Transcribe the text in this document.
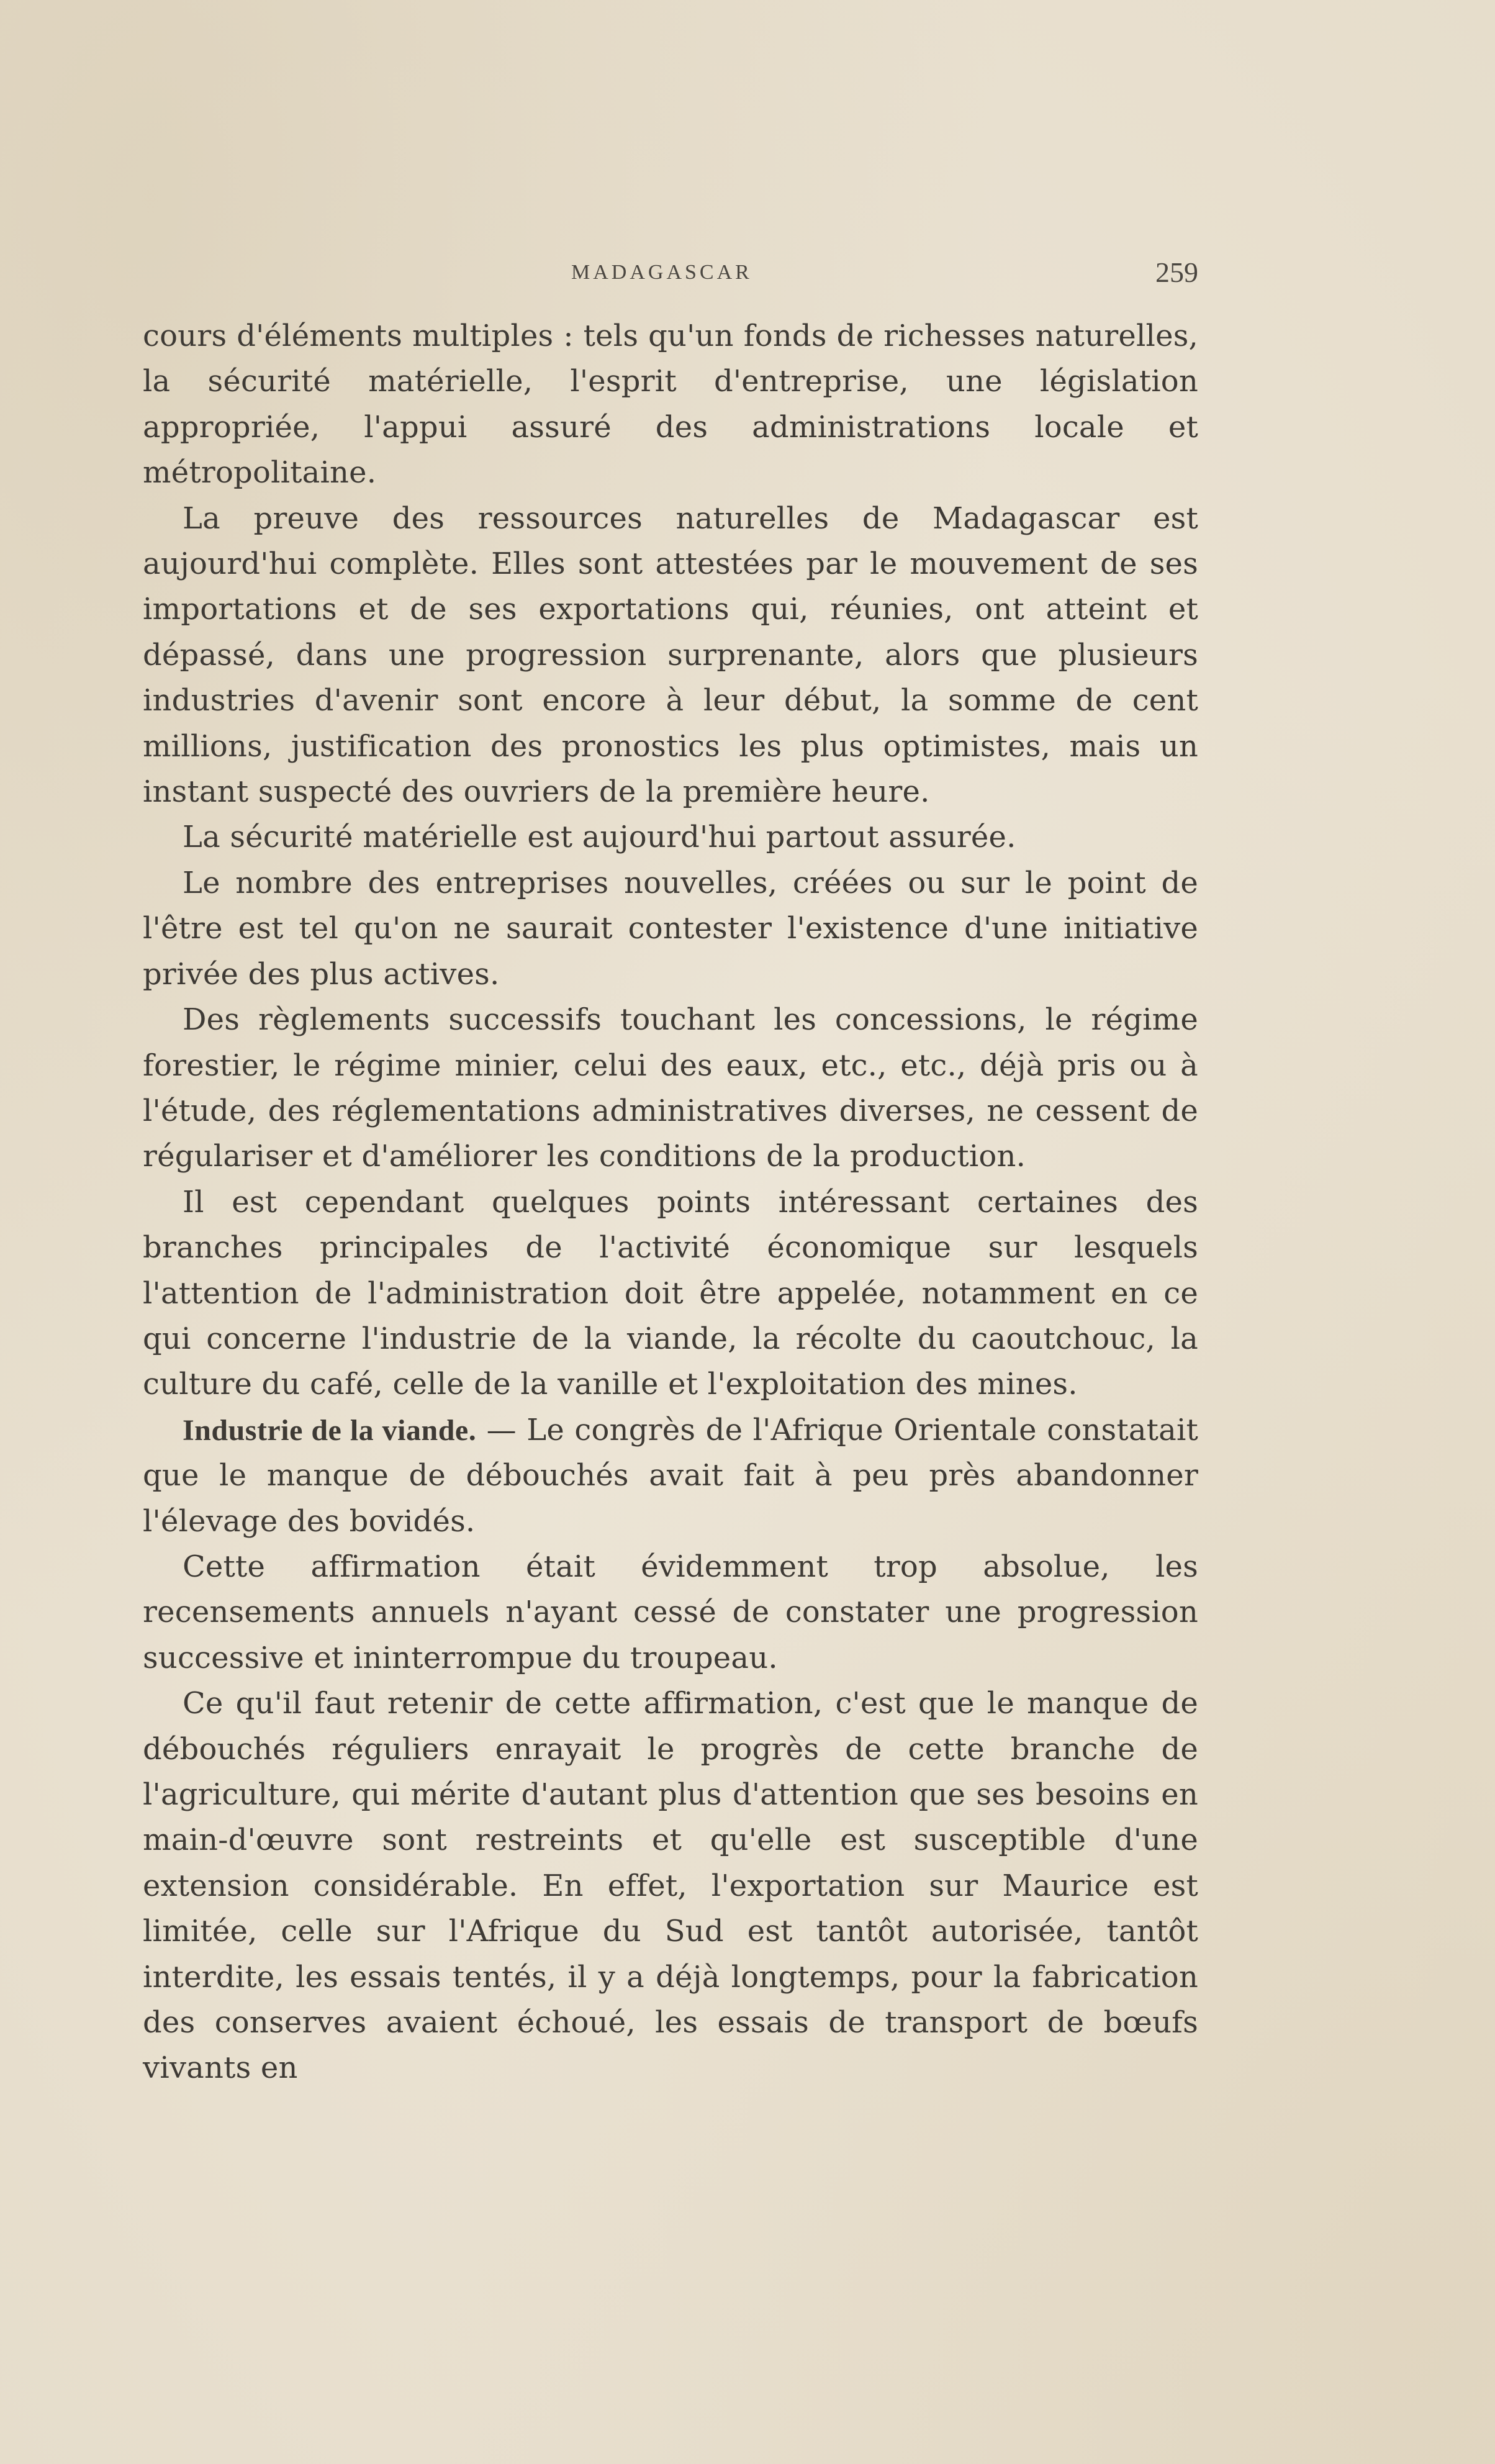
MADAGASCAR	259

cours d'éléments multiples : tels qu'un fonds de richesses naturelles, la sécurité matérielle, l'esprit d'entreprise, une législation appropriée, l'appui assuré des administrations locale et métropolitaine.

La preuve des ressources naturelles de Madagascar est aujourd'hui complète. Elles sont attestées par le mouvement de ses importations et de ses exportations qui, réunies, ont atteint et dépassé, dans une progression surprenante, alors que plusieurs industries d'avenir sont encore à leur début, la somme de cent millions, justification des pronostics les plus optimistes, mais un instant suspecté des ouvriers de la première heure.

La sécurité matérielle est aujourd'hui partout assurée.

Le nombre des entreprises nouvelles, créées ou sur le point de l'être est tel qu'on ne saurait contester l'existence d'une initiative privée des plus actives.

Des règlements successifs touchant les concessions, le régime forestier, le régime minier, celui des eaux, etc., etc., déjà pris ou à l'étude, des réglementations administratives diverses, ne cessent de régulariser et d'améliorer les conditions de la production.

Il est cependant quelques points intéressant certaines des branches principales de l'activité économique sur lesquels l'attention de l'administration doit être appelée, notamment en ce qui concerne l'industrie de la viande, la récolte du caoutchouc, la culture du café, celle de la vanille et l'exploitation des mines.

Industrie de la viande. — Le congrès de l'Afrique Orientale constatait que le manque de débouchés avait fait à peu près abandonner l'élevage des bovidés.

Cette affirmation était évidemment trop absolue, les recensements annuels n'ayant cessé de constater une progression successive et ininterrompue du troupeau.

Ce qu'il faut retenir de cette affirmation, c'est que le manque de débouchés réguliers enrayait le progrès de cette branche de l'agriculture, qui mérite d'autant plus d'attention que ses besoins en main-d'œuvre sont restreints et qu'elle est susceptible d'une extension considérable. En effet, l'exportation sur Maurice est limitée, celle sur l'Afrique du Sud est tantôt autorisée, tantôt interdite, les essais tentés, il y a déjà longtemps, pour la fabrication des conserves avaient échoué, les essais de transport de bœufs vivants en
